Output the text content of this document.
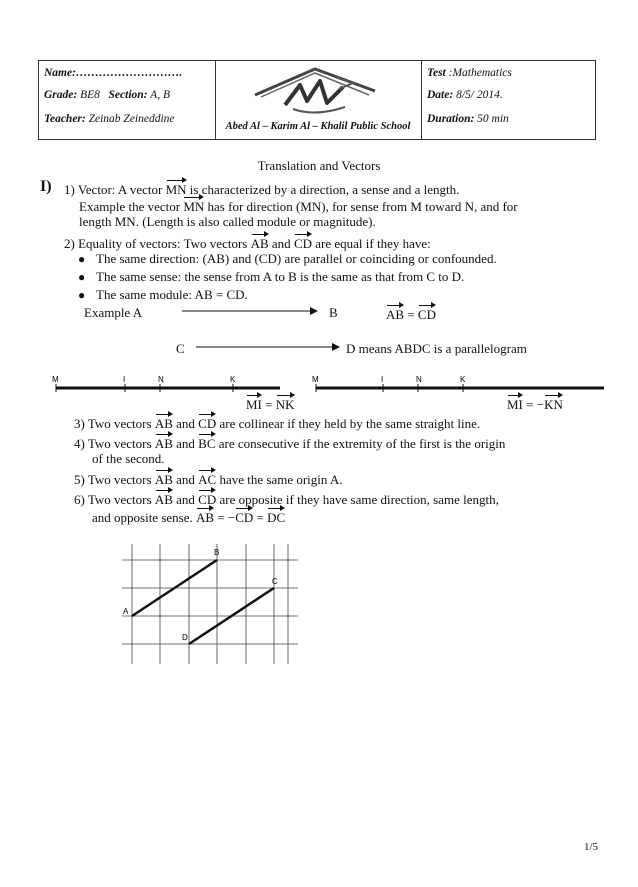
Name:……………………….
Grade: BE8 Section: A, B
Teacher: Zeinab Zeineddine
Abed Al – Karim Al – Khalil Public School
Test :Mathematics
Date: 8/5/ 2014.
Duration: 50 min
Translation and Vectors
I) 1) Vector: A vector MN is characterized by a direction, a sense and a length.
Example the vector MN has for direction (MN), for sense from M toward N, and for
length MN. (Length is also called module or magnitude).
2) Equality of vectors: Two vectors AB and CD are equal if they have:
● The same direction: (AB) and (CD) are parallel or coinciding or confounded.
● The same sense: the sense from A to B is the same as that from C to D.
● The same module: AB = CD.
Example A	B	AB = CD
C	D means ABDC is a parallelogram
M	I	N	K	M	I	N	K
MI = NK	MI = −KN
3) Two vectors AB and CD are collinear if they held by the same straight line.
4) Two vectors AB and BC are consecutive if the extremity of the first is the origin
of the second.
5) Two vectors AB and AC have the same origin A.
6) Two vectors AB and CD are opposite if they have same direction, same length,
and opposite sense. AB = −CD = DC
A
B
C
D
1/5
